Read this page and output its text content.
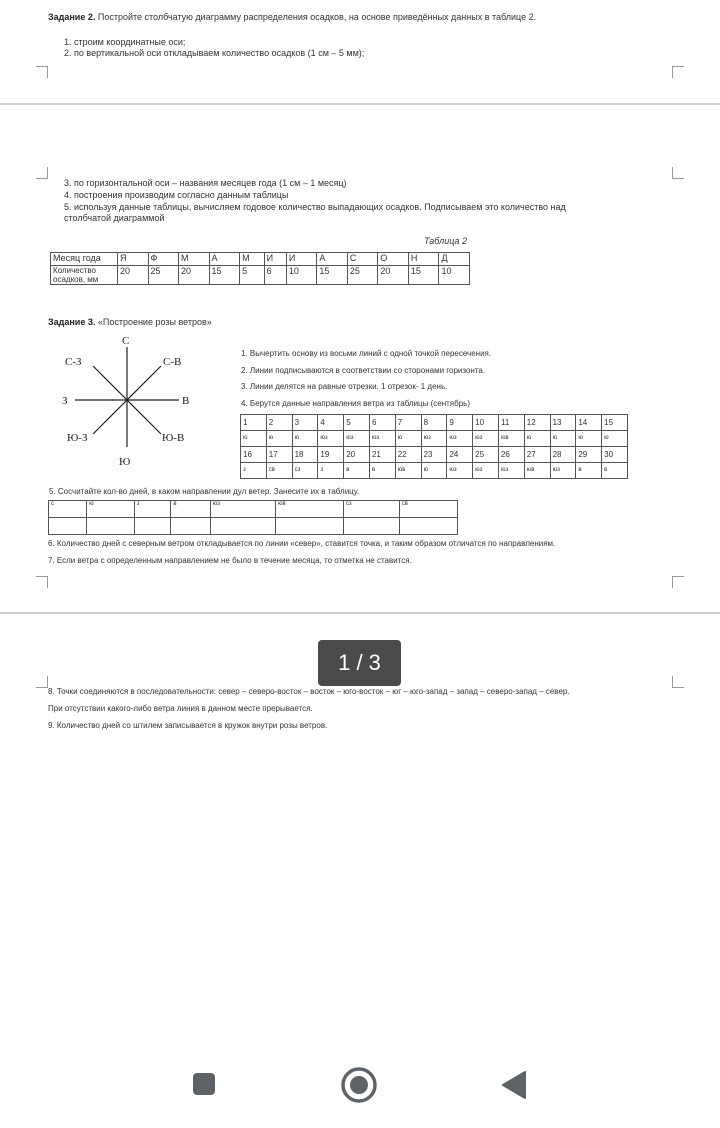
Задание 2. Постройте столбчатую диаграмму распределения осадков, на основе приведённых данных в таблице 2.
1. строим координатные оси;
2. по вертикальной оси откладываем количество осадков (1 см – 5 мм);
3. по горизонтальной оси – названия месяцев года (1 см – 1 месяц)
4. построения производим согласно данным таблицы
5. используя данные таблицы, вычисляем годовое количество выпадающих осадков. Подписываем это количество над
столбчатой диаграммой
Таблица 2
Месяц года	Я	Ф	М	А	М	И	И	А	С	О	Н	Д
Количество
осадков, мм	20	25	20	15	5	6	10	15	25	20	15	10
Задание 3. «Построение розы ветров»
С
С-З	С-В
З	В
Ю-З	Ю-В
Ю
1. Вычертить основу из восьми линий с одной точкой пересечения.
2. Линии подписываются в соответствии со сторонами горизонта.
3. Линии делятся на равные отрезки. 1 отрезок- 1 день.
4. Берутся данные направления ветра из таблицы (сентябрь)
1	2	3	4	5	6	7	8	9	10	11	12	13	14	15
ю	ю	ю	юз	юз	юз	ю	юз	юз	юз	юв	ю	ю	ю	ю
16	17	18	19	20	21	22	23	24	25	26	27	28	29	30
з	св	сз	з	в	в	юв	ю	юз	юз	юз	юв	юз	в	в
5. Сосчитайте кол-во дней, в каком направлении дул ветер. Занесите их в таблицу.
с	ю	з	в	юз	юв	сз	св

6. Количество дней с северным ветром откладывается по линии «север», ставится точка, и таким образом отличатся по направлениям.
7. Если ветра с определенным направлением не было в течение месяца, то отметка не ставится.
8. Точки соединяются в последовательности: север – северо-восток – восток – юго-восток – юг – юго-запад – запад – северо-запад – север.
При отсутствии какого-либо ветра линия в данном месте прерывается.
9. Количество дней со штилем записывается в кружок внутри розы ветров.
1 / 3
